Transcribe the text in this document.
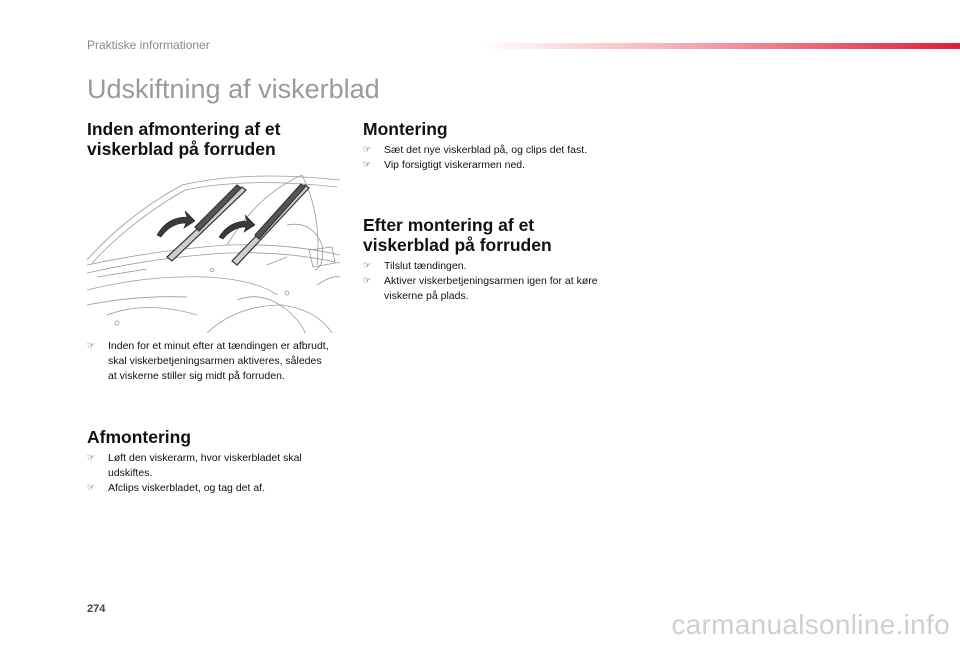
Praktiske informationer
Udskiftning af viskerblad
Inden afmontering af et
viskerblad på forruden
☞ Inden for et minut efter at tændingen er afbrudt, skal viskerbetjeningsarmen aktiveres, således at viskerne stiller sig midt på forruden.
Afmontering
☞ Løft den viskerarm, hvor viskerbladet skal udskiftes.
☞ Afclips viskerbladet, og tag det af.
Montering
☞ Sæt det nye viskerblad på, og clips det fast.
☞ Vip forsigtigt viskerarmen ned.
Efter montering af et
viskerblad på forruden
☞ Tilslut tændingen.
☞ Aktiver viskerbetjeningsarmen igen for at køre viskerne på plads.
274	carmanualsonline.info
